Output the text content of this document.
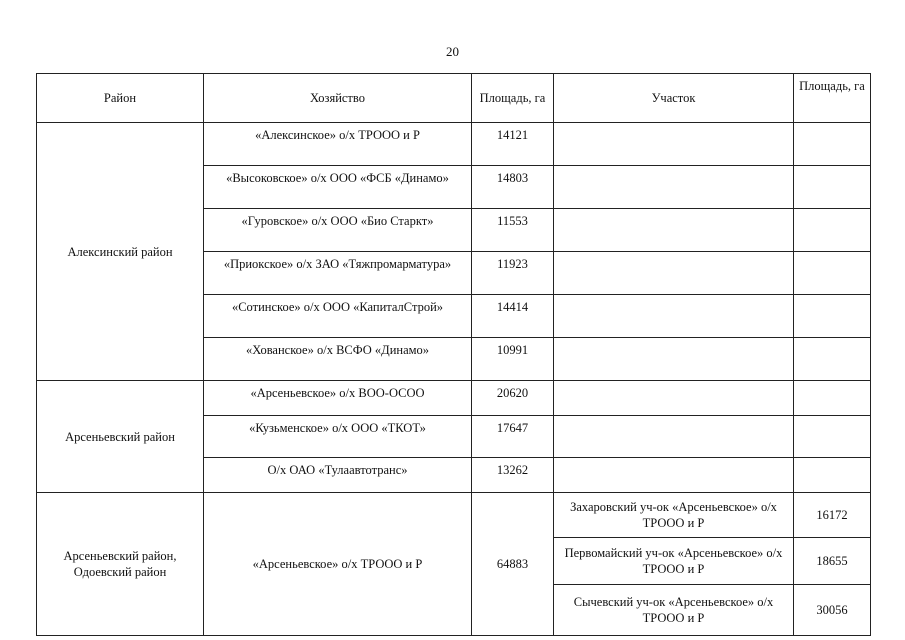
20
Район	Хозяйство	Площадь, га	Участок	Площадь, га
Алексинский район	«Алексинское» о/х ТРООО и Р	14121		
	«Высоковское» о/х ООО «ФСБ «Динамо»	14803		
	«Гуровское» о/х ООО «Био Старкт»	11553		
	«Приокское» о/х ЗАО «Тяжпромарматура»	11923		
	«Сотинское» о/х ООО «КапиталСтрой»	14414		
	«Хованское» о/х ВСФО «Динамо»	10991		
Арсеньевский район	«Арсеньевское» о/х ВОО-ОСОО	20620		
	«Кузьменское» о/х ООО «ТКОТ»	17647		
	О/х ОАО «Тулаавтотранс»	13262		
Арсеньевский район, Одоевский район	«Арсеньевское» о/х ТРООО и Р	64883	Захаровский уч-ок «Арсеньевское» о/х ТРООО и Р	16172
			Первомайский уч-ок «Арсеньевское» о/х ТРООО и Р	18655
			Сычевский уч-ок «Арсеньевское» о/х ТРООО и Р	30056
